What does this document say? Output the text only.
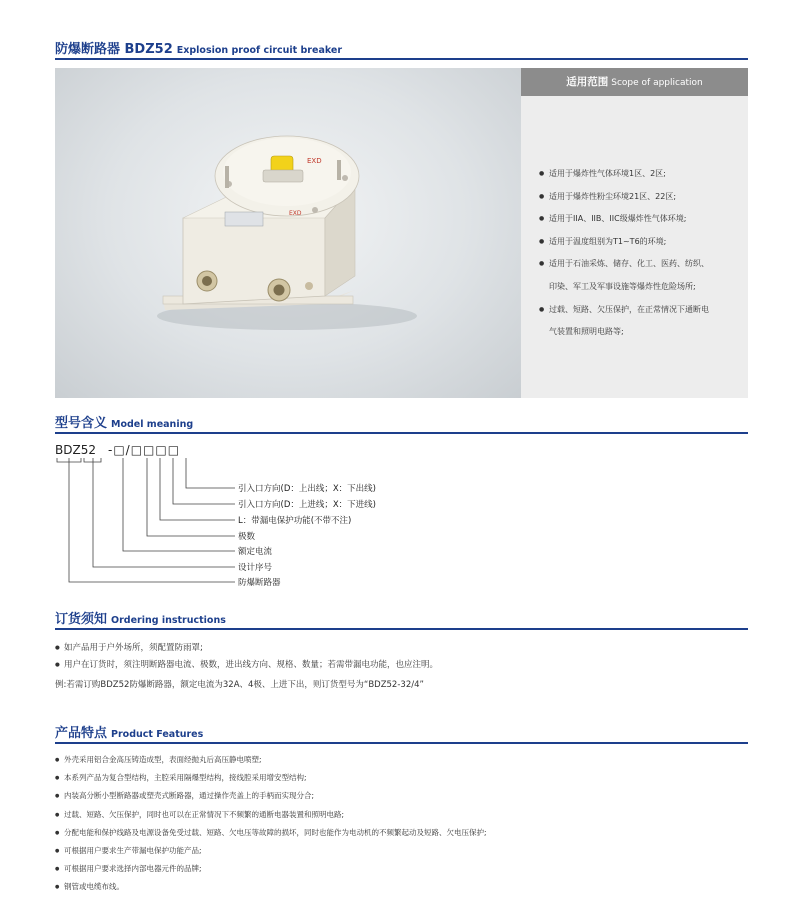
防爆断路器 BDZ52 Explosion proof circuit breaker
EXD
EXD
适用范围 Scope of application
● 适用于爆炸性气体环境1区、2区;
● 适用于爆炸性粉尘环境21区、22区;
● 适用于IIA、IIB、IIC级爆炸性气体环境;
● 适用于温度组别为T1~T6的环境;
● 适用于石油采炼、储存、化工、医药、纺织、
印染、军工及军事设施等爆炸性危险场所;
● 过载、短路、欠压保护，在正常情况下通断电
气装置和照明电路等;
型号含义 Model meaning
BDZ52 -□/□□□□
引入口方向(D：上出线；X：下出线)
引入口方向(D：上进线；X：下进线)
L：带漏电保护功能(不带不注)
极数
额定电流
设计序号
防爆断路器
订货须知 Ordering instructions
● 如产品用于户外场所，须配置防雨罩;
● 用户在订货时，须注明断路器电流、极数，进出线方向、规格、数量；若需带漏电功能，也应注明。
例:若需订购BDZ52防爆断路器，额定电流为32A、4极、上进下出，则订货型号为“BDZ52-32/4”
产品特点 Product Features
● 外壳采用铝合金高压铸造成型，表面经抛丸后高压静电喷塑;
● 本系列产品为复合型结构，主腔采用隔爆型结构，接线腔采用增安型结构;
● 内装高分断小型断路器或塑壳式断路器，通过操作壳盖上的手柄而实现分合;
● 过载、短路、欠压保护，同时也可以在正常情况下不频繁的通断电器装置和照明电路;
● 分配电能和保护线路及电源设备免受过载、短路、欠电压等故障的损坏，同时也能作为电动机的不频繁起动及短路、欠电压保护;
● 可根据用户要求生产带漏电保护功能产品;
● 可根据用户要求选择内部电器元件的品牌;
● 钢管或电缆布线。
